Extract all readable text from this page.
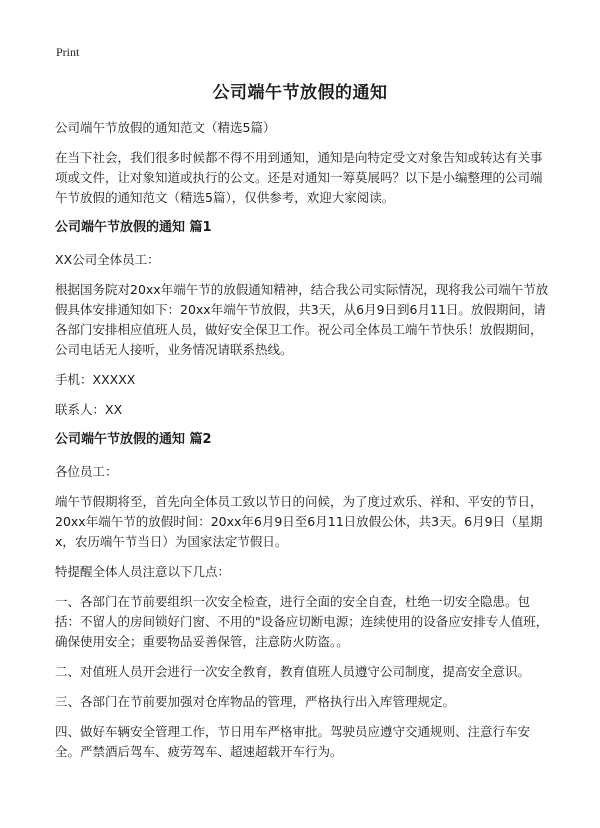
Print
公司端午节放假的通知

公司端午节放假的通知范文（精选5篇）

在当下社会，我们很多时候都不得不用到通知，通知是向特定受文对象告知或转达有关事项或文件，让对象知道或执行的公文。还是对通知一筹莫展吗？以下是小编整理的公司端午节放假的通知范文（精选5篇），仅供参考，欢迎大家阅读。

公司端午节放假的通知 篇1

XX公司全体员工：

根据国务院对20xx年端午节的放假通知精神，结合我公司实际情况，现将我公司端午节放假具体安排通知如下：20xx年端午节放假，共3天，从6月9日到6月11日。放假期间，请各部门安排相应值班人员，做好安全保卫工作。祝公司全体员工端午节快乐！放假期间，公司电话无人接听，业务情况请联系热线。

手机：XXXXX

联系人：XX

公司端午节放假的通知 篇2

各位员工：

端午节假期将至，首先向全体员工致以节日的问候，为了度过欢乐、祥和、平安的节日，20xx年端午节的放假时间：20xx年6月9日至6月11日放假公休，共3天。6月9日（星期x，农历端午节当日）为国家法定节假日。

特提醒全体人员注意以下几点：

一、各部门在节前要组织一次安全检查，进行全面的安全自查，杜绝一切安全隐患。包括：不留人的房间锁好门窗、不用的"设备应切断电源；连续使用的设备应安排专人值班，确保使用安全；重要物品妥善保管，注意防火防盗。。

二、对值班人员开会进行一次安全教育，教育值班人员遵守公司制度，提高安全意识。

三、各部门在节前要加强对仓库物品的管理，严格执行出入库管理规定。

四、做好车辆安全管理工作，节日用车严格审批。驾驶员应遵守交通规则、注意行车安全。严禁酒后驾车、疲劳驾车、超速超载开车行为。
